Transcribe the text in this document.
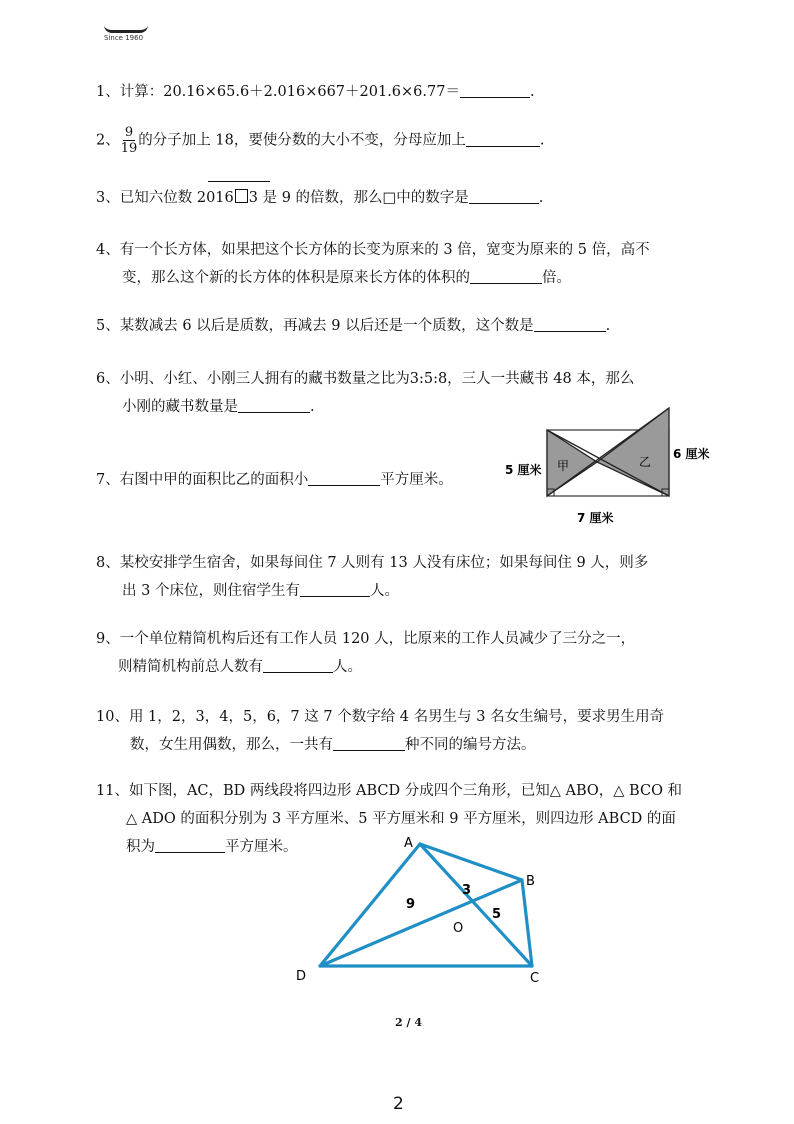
Since 1960
1、计算：20.16×65.6＋2.016×667＋201.6×6.77＝	.
2、 $\frac{9}{19}$ 的分子加上 18，要使分数的大小不变，分母应加上	.
3、已知六位数 2016 3 是 9 的倍数，那么□中的数字是	.
4、有一个长方体，如果把这个长方体的长变为原来的 3 倍，宽变为原来的 5 倍，高不
变，那么这个新的长方体的体积是原来长方体的体积的	倍。
5、某数减去 6 以后是质数，再减去 9 以后还是一个质数，这个数是	.
6、小明、小红、小刚三人拥有的藏书数量之比为3:5:8，三人一共藏书 48 本，那么
小刚的藏书数量是	.
7、右图中甲的面积比乙的面积小	平方厘米。
甲	乙
5 厘米
6 厘米
7 厘米
8、某校安排学生宿舍，如果每间住 7 人则有 13 人没有床位；如果每间住 9 人，则多
出 3 个床位，则住宿学生有	人。
9、一个单位精简机构后还有工作人员 120 人，比原来的工作人员减少了三分之一，
则精简机构前总人数有	人。
10、用 1，2，3，4，5，6，7 这 7 个数字给 4 名男生与 3 名女生编号，要求男生用奇
数，女生用偶数，那么，一共有	种不同的编号方法。
11、如下图，AC，BD 两线段将四边形 ABCD 分成四个三角形，已知△ ABO，△ BCO 和
△ ADO 的面积分别为 3 平方厘米、5 平方厘米和 9 平方厘米，则四边形 ABCD 的面
积为	平方厘米。	A
B
C
D
O
3
9
5
2 / 4
2
